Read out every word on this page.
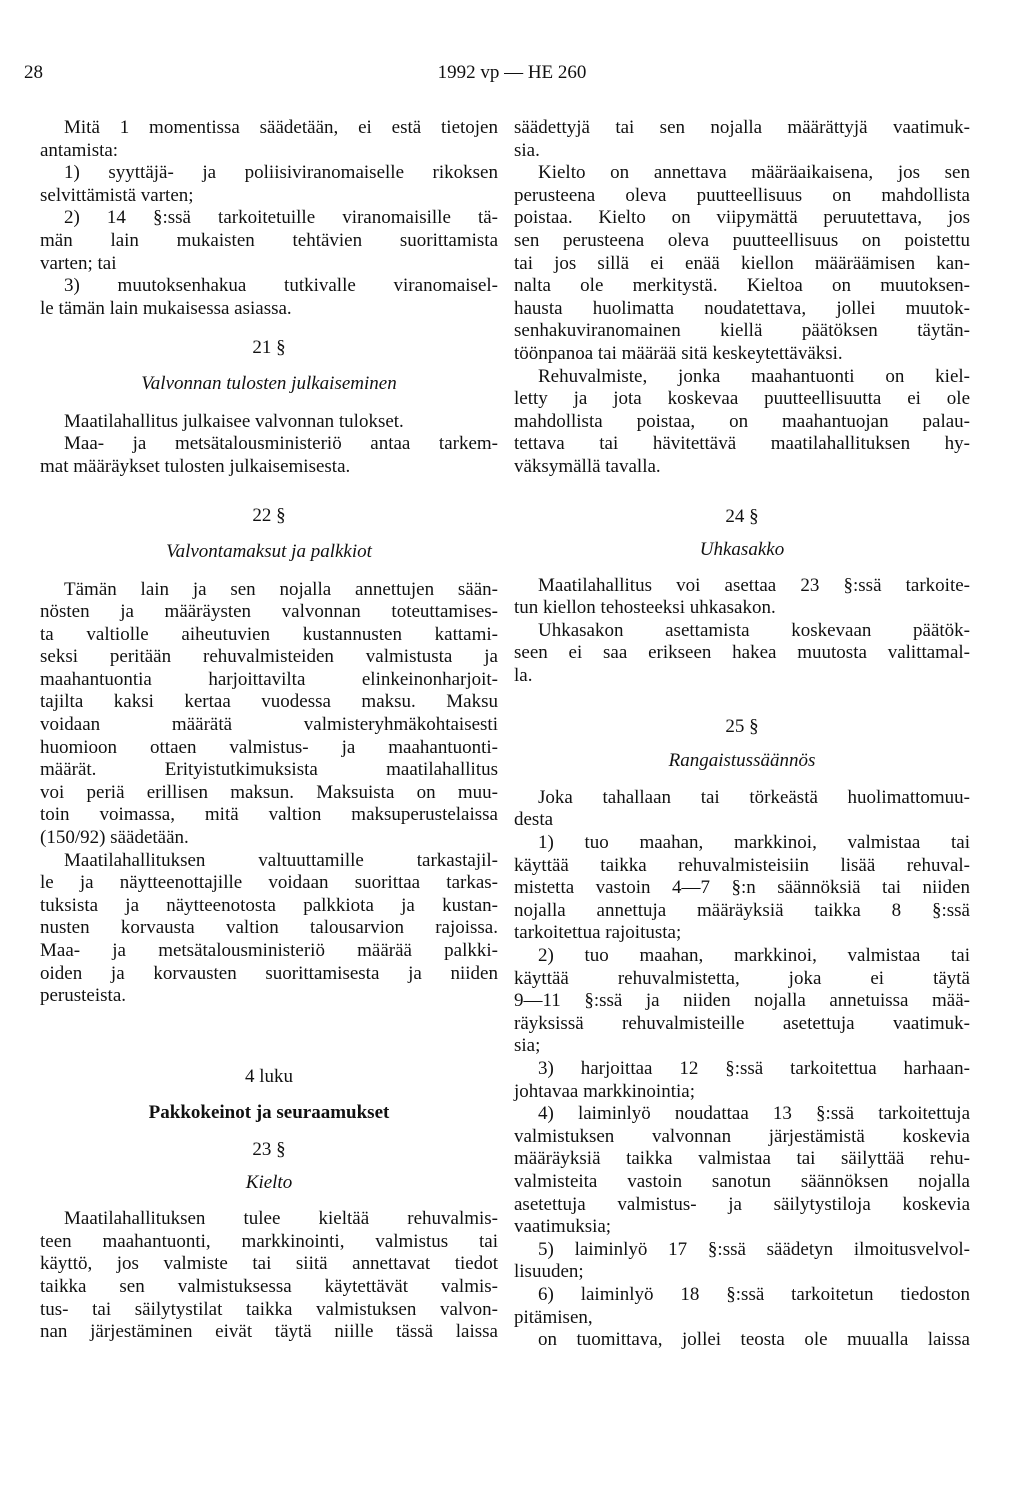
28	1992 vp — HE 260
Mitä 1 momentissa säädetään, ei estä tietojen
antamista:
1) syyttäjä- ja poliisiviranomaiselle rikoksen
selvittämistä varten;
2) 14 §:ssä tarkoitetuille viranomaisille tä-
män lain mukaisten tehtävien suorittamista
varten; tai
3) muutoksenhakua tutkivalle viranomaisel-
le tämän lain mukaisessa asiassa.
21 §
Valvonnan tulosten julkaiseminen
Maatilahallitus julkaisee valvonnan tulokset.
Maa- ja metsätalousministeriö antaa tarkem-
mat määräykset tulosten julkaisemisesta.
22 §
Valvontamaksut ja palkkiot
Tämän lain ja sen nojalla annettujen sään-
nösten ja määräysten valvonnan toteuttamises-
ta valtiolle aiheutuvien kustannusten kattami-
seksi peritään rehuvalmisteiden valmistusta ja
maahantuontia harjoittavilta elinkeinonharjoit-
tajilta kaksi kertaa vuodessa maksu. Maksu
voidaan määrätä valmisteryhmäkohtaisesti
huomioon ottaen valmistus- ja maahantuonti-
määrät. Erityistutkimuksista maatilahallitus
voi periä erillisen maksun. Maksuista on muu-
toin voimassa, mitä valtion maksuperustelaissa
(150/92) säädetään.
Maatilahallituksen valtuuttamille tarkastajil-
le ja näytteenottajille voidaan suorittaa tarkas-
tuksista ja näytteenotosta palkkiota ja kustan-
nusten korvausta valtion talousarvion rajoissa.
Maa- ja metsätalousministeriö määrää palkki-
oiden ja korvausten suorittamisesta ja niiden
perusteista.
4 luku
Pakkokeinot ja seuraamukset
23 §
Kielto
Maatilahallituksen tulee kieltää rehuvalmis-
teen maahantuonti, markkinointi, valmistus tai
käyttö, jos valmiste tai siitä annettavat tiedot
taikka sen valmistuksessa käytettävät valmis-
tus- tai säilytystilat taikka valmistuksen valvon-
nan järjestäminen eivät täytä niille tässä laissa
säädettyjä tai sen nojalla määrättyjä vaatimuk-
sia.
Kielto on annettava määräaikaisena, jos sen
perusteena oleva puutteellisuus on mahdollista
poistaa. Kielto on viipymättä peruutettava, jos
sen perusteena oleva puutteellisuus on poistettu
tai jos sillä ei enää kiellon määräämisen kan-
nalta ole merkitystä. Kieltoa on muutoksen-
hausta huolimatta noudatettava, jollei muutok-
senhakuviranomainen kiellä päätöksen täytän-
töönpanoa tai määrää sitä keskeytettäväksi.
Rehuvalmiste, jonka maahantuonti on kiel-
letty ja jota koskevaa puutteellisuutta ei ole
mahdollista poistaa, on maahantuojan palau-
tettava tai hävitettävä maatilahallituksen hy-
väksymällä tavalla.
24 §
Uhkasakko
Maatilahallitus voi asettaa 23 §:ssä tarkoite-
tun kiellon tehosteeksi uhkasakon.
Uhkasakon asettamista koskevaan päätök-
seen ei saa erikseen hakea muutosta valittamal-
la.
25 §
Rangaistussäännös
Joka tahallaan tai törkeästä huolimattomuu-
desta
1) tuo maahan, markkinoi, valmistaa tai
käyttää taikka rehuvalmisteisiin lisää rehuval-
mistetta vastoin 4—7 §:n säännöksiä tai niiden
nojalla annettuja määräyksiä taikka 8 §:ssä
tarkoitettua rajoitusta;
2) tuo maahan, markkinoi, valmistaa tai
käyttää rehuvalmistetta, joka ei täytä
9—11 §:ssä ja niiden nojalla annetuissa mää-
räyksissä rehuvalmisteille asetettuja vaatimuk-
sia;
3) harjoittaa 12 §:ssä tarkoitettua harhaan-
johtavaa markkinointia;
4) laiminlyö noudattaa 13 §:ssä tarkoitettuja
valmistuksen valvonnan järjestämistä koskevia
määräyksiä taikka valmistaa tai säilyttää rehu-
valmisteita vastoin sanotun säännöksen nojalla
asetettuja valmistus- ja säilytystiloja koskevia
vaatimuksia;
5) laiminlyö 17 §:ssä säädetyn ilmoitusvelvol-
lisuuden;
6) laiminlyö 18 §:ssä tarkoitetun tiedoston
pitämisen,
on tuomittava, jollei teosta ole muualla laissa
